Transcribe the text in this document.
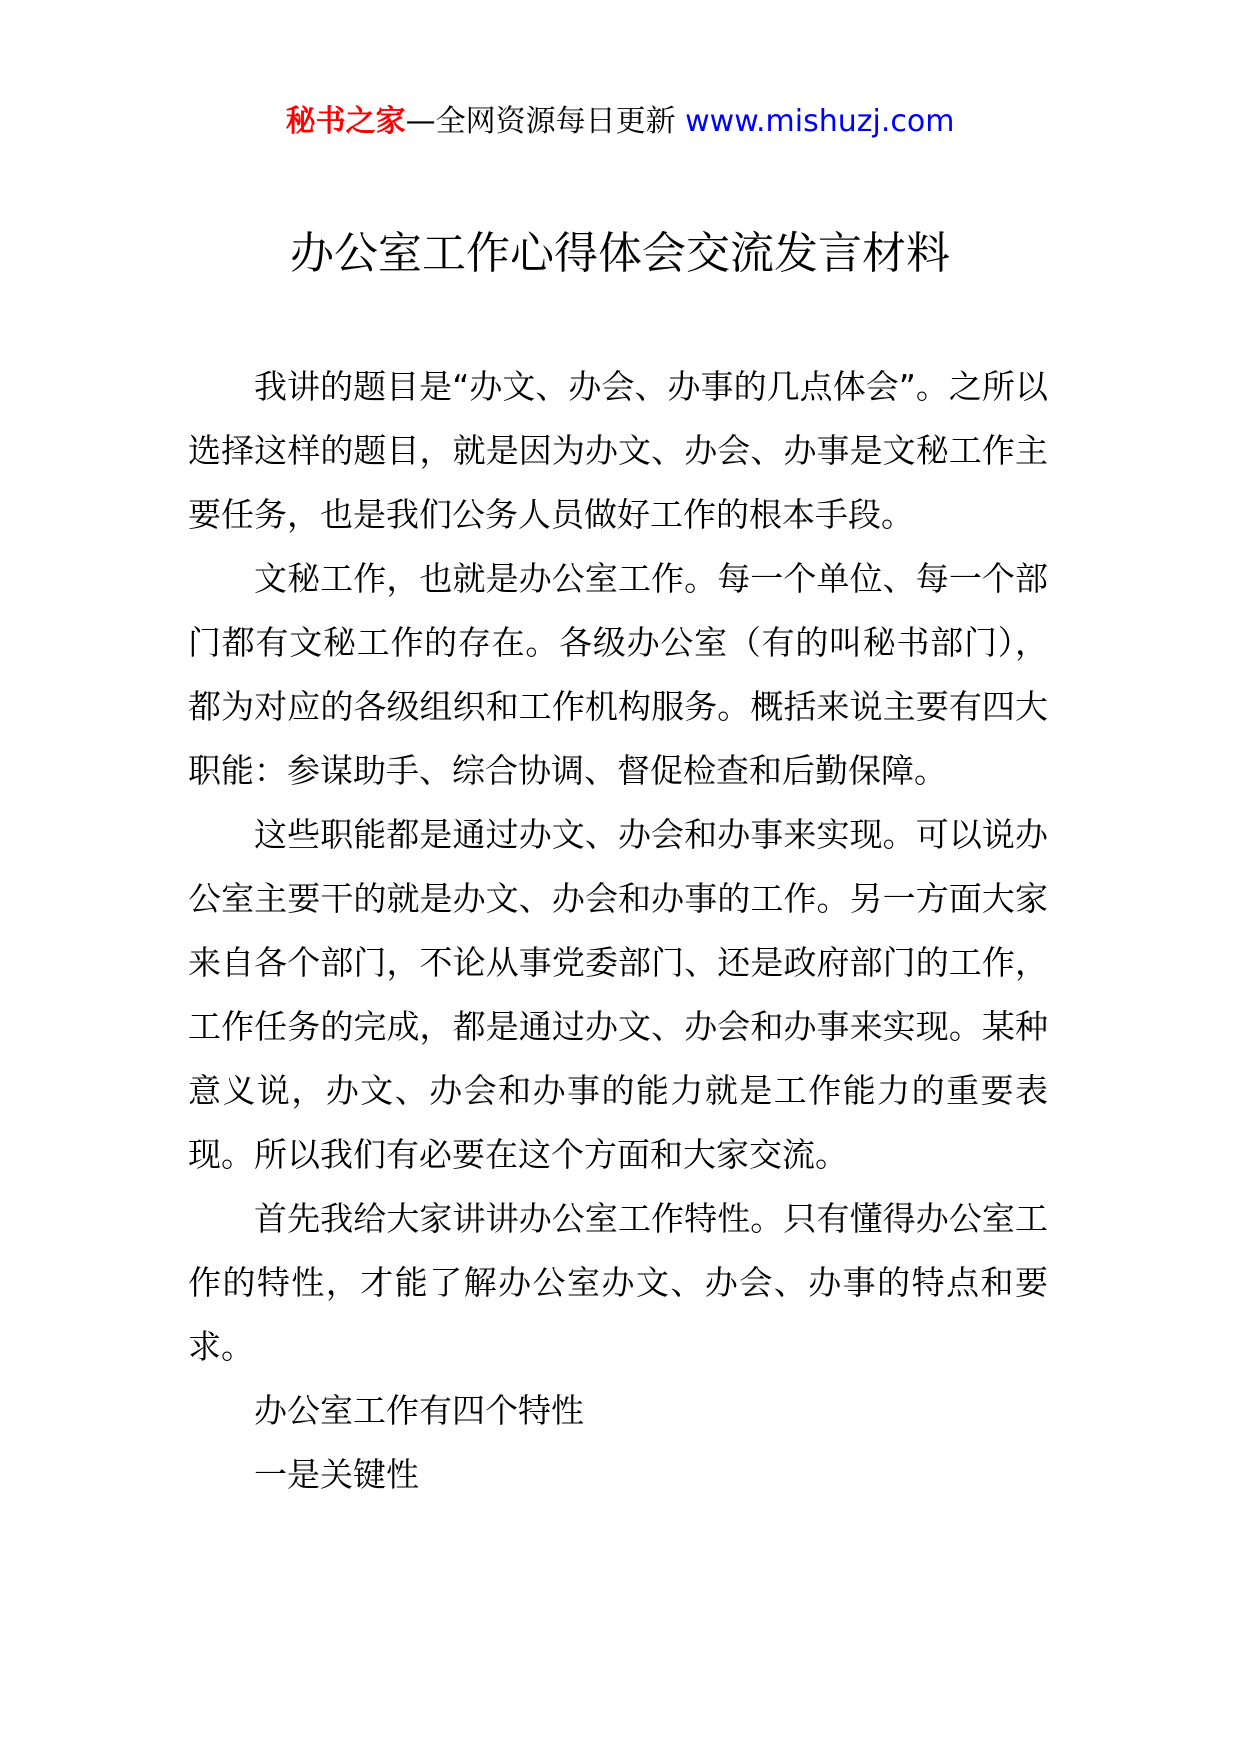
秘书之家—全网资源每日更新 www.mishuzj.com
办公室工作心得体会交流发言材料

我讲的题目是“办文、办会、办事的几点体会”。之所以选择这样的题目，就是因为办文、办会、办事是文秘工作主要任务，也是我们公务人员做好工作的根本手段。

文秘工作，也就是办公室工作。每一个单位、每一个部门都有文秘工作的存在。各级办公室（有的叫秘书部门），都为对应的各级组织和工作机构服务。概括来说主要有四大职能：参谋助手、综合协调、督促检查和后勤保障。

这些职能都是通过办文、办会和办事来实现。可以说办公室主要干的就是办文、办会和办事的工作。另一方面大家来自各个部门，不论从事党委部门、还是政府部门的工作，工作任务的完成，都是通过办文、办会和办事来实现。某种意义说，办文、办会和办事的能力就是工作能力的重要表现。所以我们有必要在这个方面和大家交流。

首先我给大家讲讲办公室工作特性。只有懂得办公室工作的特性，才能了解办公室办文、办会、办事的特点和要求。

办公室工作有四个特性

一是关键性
